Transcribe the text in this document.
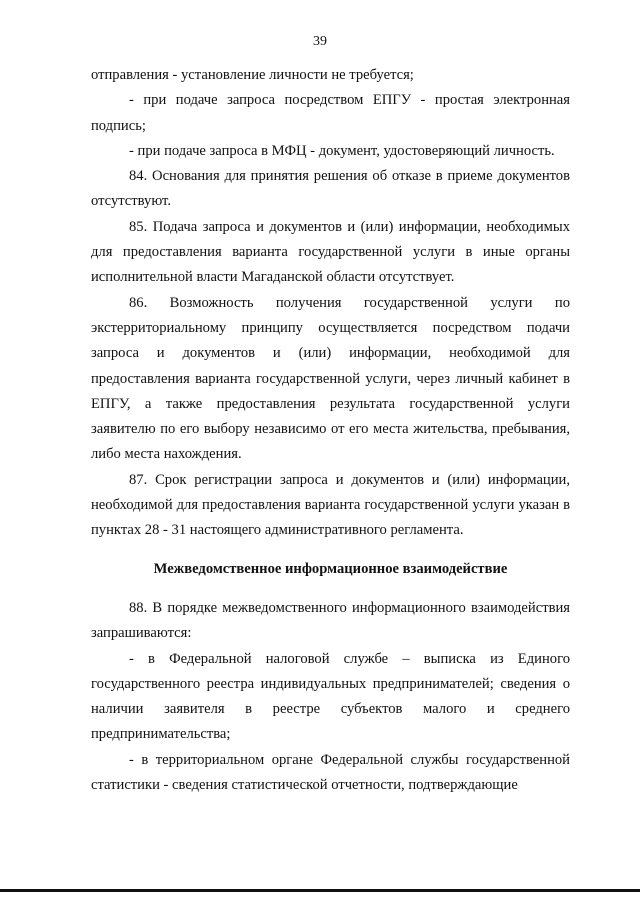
39

отправления - установление личности не требуется;

- при подаче запроса посредством ЕПГУ - простая электронная подпись;

- при подаче запроса в МФЦ - документ, удостоверяющий личность.

84. Основания для принятия решения об отказе в приеме документов отсутствуют.

85. Подача запроса и документов и (или) информации, необходимых для предоставления варианта государственной услуги в иные органы исполнительной власти Магаданской области отсутствует.

86. Возможность получения государственной услуги по экстерриториальному принципу осуществляется посредством подачи запроса и документов и (или) информации, необходимой для предоставления варианта государственной услуги, через личный кабинет в ЕПГУ, а также предоставления результата государственной услуги заявителю по его выбору независимо от его места жительства, пребывания, либо места нахождения.

87. Срок регистрации запроса и документов и (или) информации, необходимой для предоставления варианта государственной услуги указан в пунктах 28 - 31 настоящего административного регламента.

Межведомственное информационное взаимодействие

88. В порядке межведомственного информационного взаимодействия запрашиваются:

- в Федеральной налоговой службе – выписка из Единого государственного реестра индивидуальных предпринимателей; сведения о наличии заявителя в реестре субъектов малого и среднего предпринимательства;

- в территориальном органе Федеральной службы государственной статистики - сведения статистической отчетности, подтверждающие
